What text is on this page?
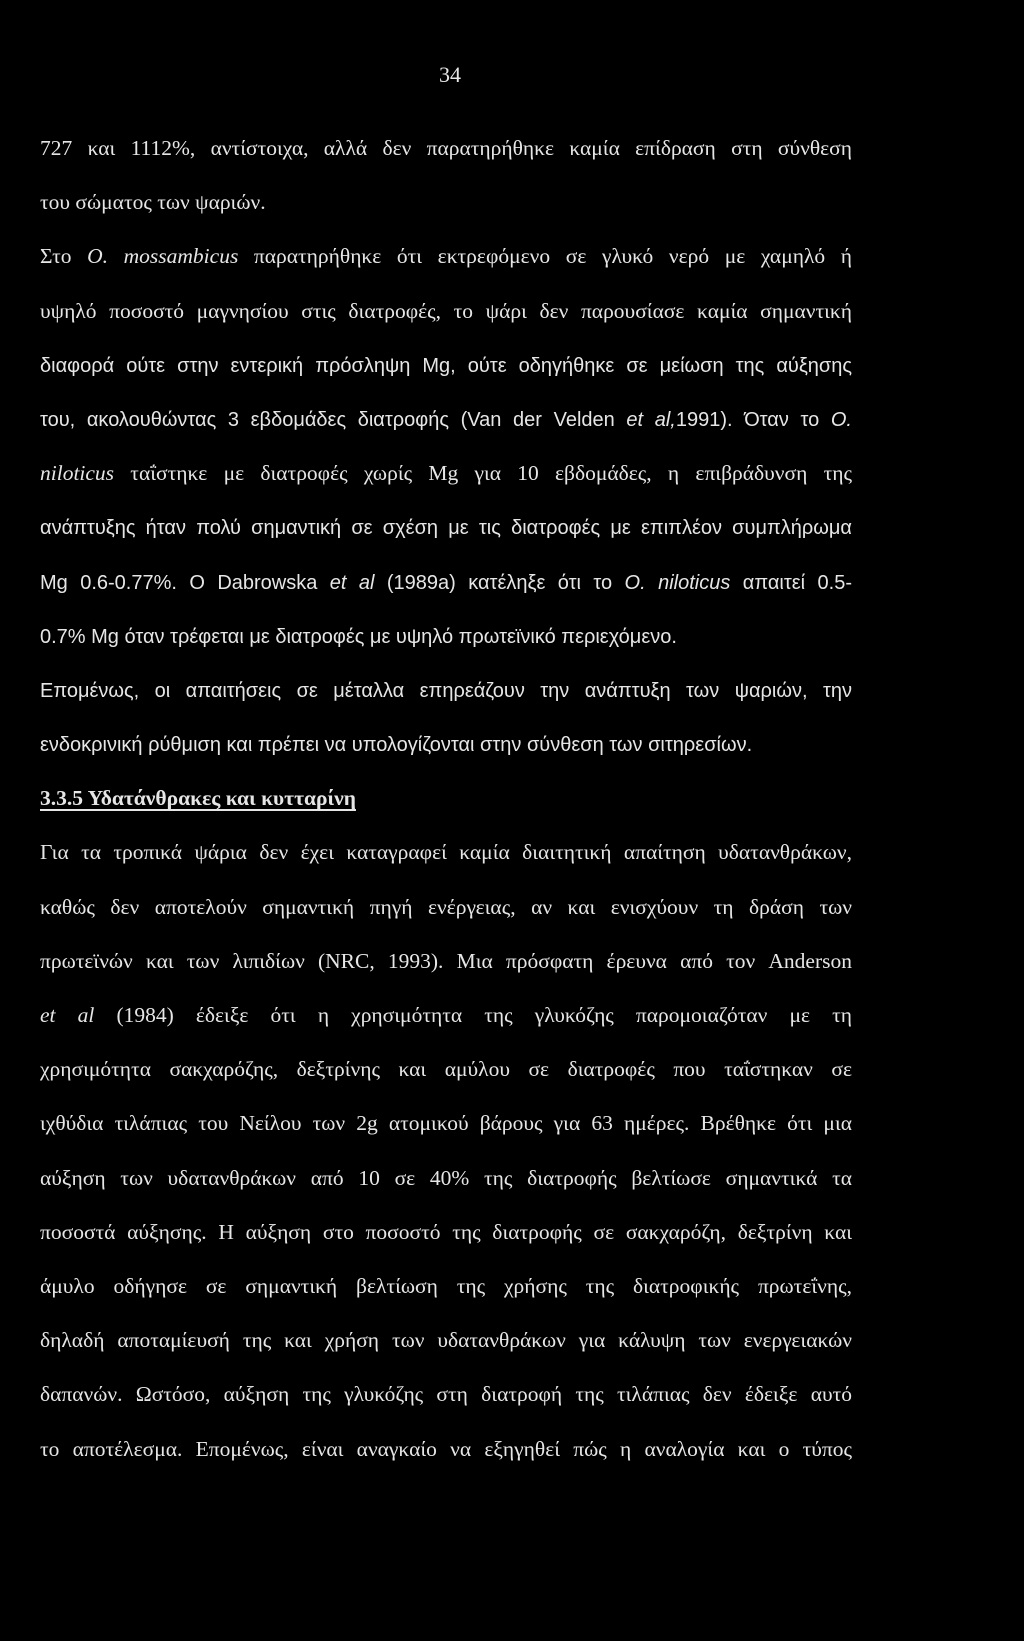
34
727 και 1112%, αντίστοιχα, αλλά δεν παρατηρήθηκε καμία επίδραση στη σύνθεση
του σώματος των ψαριών.
Στο O. mossambicus παρατηρήθηκε ότι εκτρεφόμενο σε γλυκό νερό με χαμηλό ή
υψηλό ποσοστό μαγνησίου στις διατροφές, το ψάρι δεν παρουσίασε καμία σημαντική
διαφορά ούτε στην εντερική πρόσληψη Mg, ούτε οδηγήθηκε σε μείωση της αύξησης
του, ακολουθώντας 3 εβδομάδες διατροφής (Van der Velden et al,1991). Όταν το O.
niloticus ταΐστηκε με διατροφές χωρίς Mg για 10 εβδομάδες, η επιβράδυνση της
ανάπτυξης ήταν πολύ σημαντική σε σχέση με τις διατροφές με επιπλέον συμπλήρωμα
Mg 0.6-0.77%. O Dabrowska et al (1989a) κατέληξε ότι το O. niloticus απαιτεί 0.5-
0.7% Mg όταν τρέφεται με διατροφές με υψηλό πρωτεϊνικό περιεχόμενο.
Επομένως, οι απαιτήσεις σε μέταλλα επηρεάζουν την ανάπτυξη των ψαριών, την
ενδοκρινική ρύθμιση και πρέπει να υπολογίζονται στην σύνθεση των σιτηρεσίων.
3.3.5 Υδατάνθρακες και κυτταρίνη
Για τα τροπικά ψάρια δεν έχει καταγραφεί καμία διαιτητική απαίτηση υδατανθράκων,
καθώς δεν αποτελούν σημαντική πηγή ενέργειας, αν και ενισχύουν τη δράση των
πρωτεϊνών και των λιπιδίων (NRC, 1993). Μια πρόσφατη έρευνα από τον Anderson
et al (1984) έδειξε ότι η χρησιμότητα της γλυκόζης παρομοιαζόταν με τη
χρησιμότητα σακχαρόζης, δεξτρίνης και αμύλου σε διατροφές που ταΐστηκαν σε
ιχθύδια τιλάπιας του Νείλου των 2g ατομικού βάρους για 63 ημέρες. Βρέθηκε ότι μια
αύξηση των υδατανθράκων από 10 σε 40% της διατροφής βελτίωσε σημαντικά τα
ποσοστά αύξησης. Η αύξηση στο ποσοστό της διατροφής σε σακχαρόζη, δεξτρίνη και
άμυλο οδήγησε σε σημαντική βελτίωση της χρήσης της διατροφικής πρωτεΐνης,
δηλαδή αποταμίευσή της και χρήση των υδατανθράκων για κάλυψη των ενεργειακών
δαπανών. Ωστόσο, αύξηση της γλυκόζης στη διατροφή της τιλάπιας δεν έδειξε αυτό
το αποτέλεσμα. Επομένως, είναι αναγκαίο να εξηγηθεί πώς η αναλογία και ο τύπος
